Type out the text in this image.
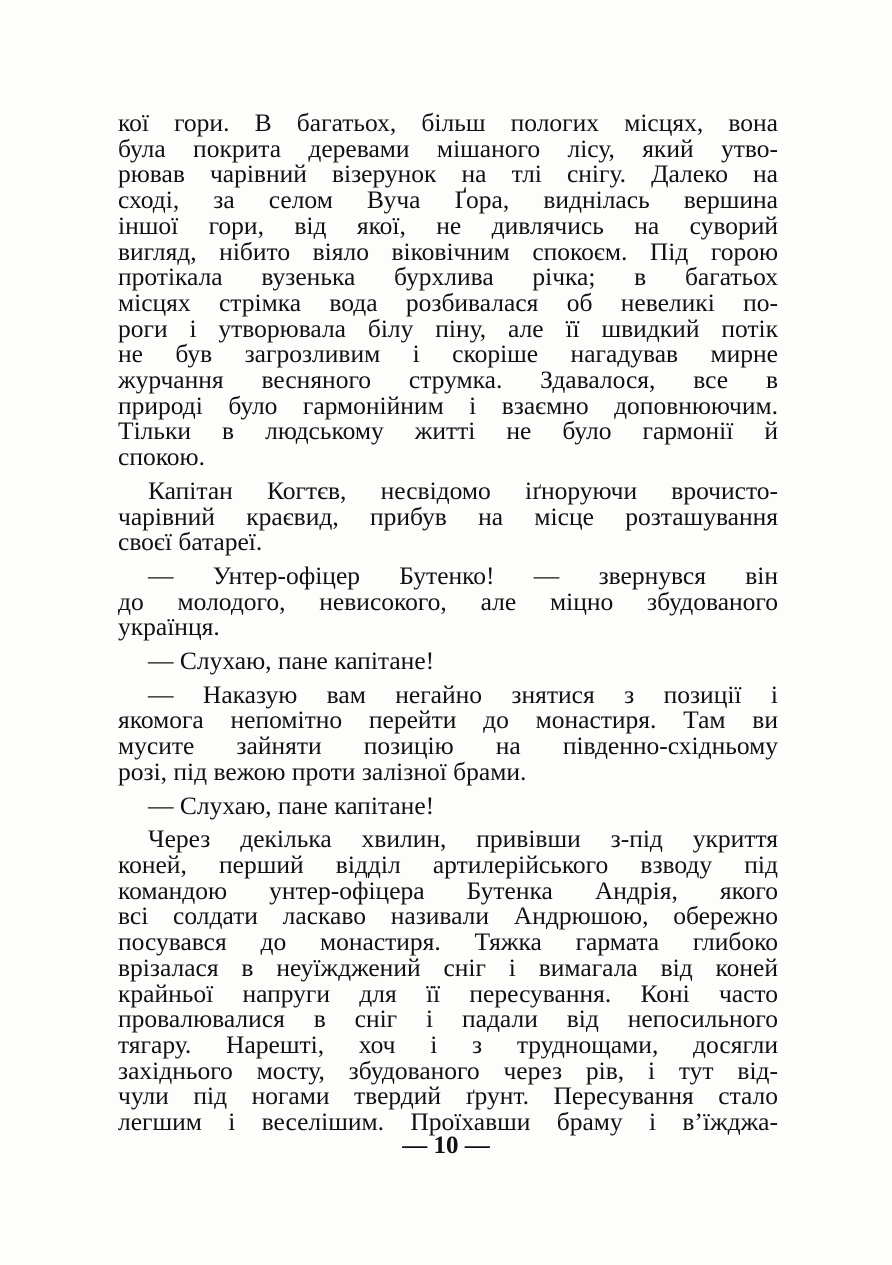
кої гори. В багатьох, більш пологих місцях, вона
була покрита деревами мішаного лісу, який утво-
рював чарівний візерунок на тлі снігу. Далеко на
сході, за селом Вуча Ґора, виднілась вершина
іншої гори, від якої, не дивлячись на суворий
вигляд, нібито віяло віковічним спокоєм. Під горою
протікала вузенька бурхлива річка; в багатьох
місцях стрімка вода розбивалася об невеликі по-
роги і утворювала білу піну, але її швидкий потік
не був загрозливим і скоріше нагадував мирне
журчання весняного струмка. Здавалося, все в
природі було гармонійним і взаємно доповнюючим.
Тільки в людському житті не було гармонії й
спокою.

Капітан Когтєв, несвідомо іґноруючи врочисто-
чарівний краєвид, прибув на місце розташування
своєї батареї.

— Унтер-офіцер Бутенко! — звернувся він
до молодого, невисокого, але міцно збудованого
українця.

— Слухаю, пане капітане!

— Наказую вам негайно знятися з позиції і
якомога непомітно перейти до монастиря. Там ви
мусите зайняти позицію на південно-східньому
розі, під вежою проти залізної брами.

— Слухаю, пане капітане!

Через декілька хвилин, привівши з-під укриття
коней, перший відділ артилерійського взводу під
командою унтер-офіцера Бутенка Андрія, якого
всі солдати ласкаво називали Андрюшою, обережно
посувався до монастиря. Тяжка гармата глибоко
врізалася в неуїжджений сніг і вимагала від коней
крайньої напруги для її пересування. Коні часто
провалювалися в сніг і падали від непосильного
тягару. Нарешті, хоч і з труднощами, досягли
західнього мосту, збудованого через рів, і тут від-
чули під ногами твердий ґрунт. Пересування стало
легшим і веселішим. Проїхавши браму і в’їжджа-

— 10 —
